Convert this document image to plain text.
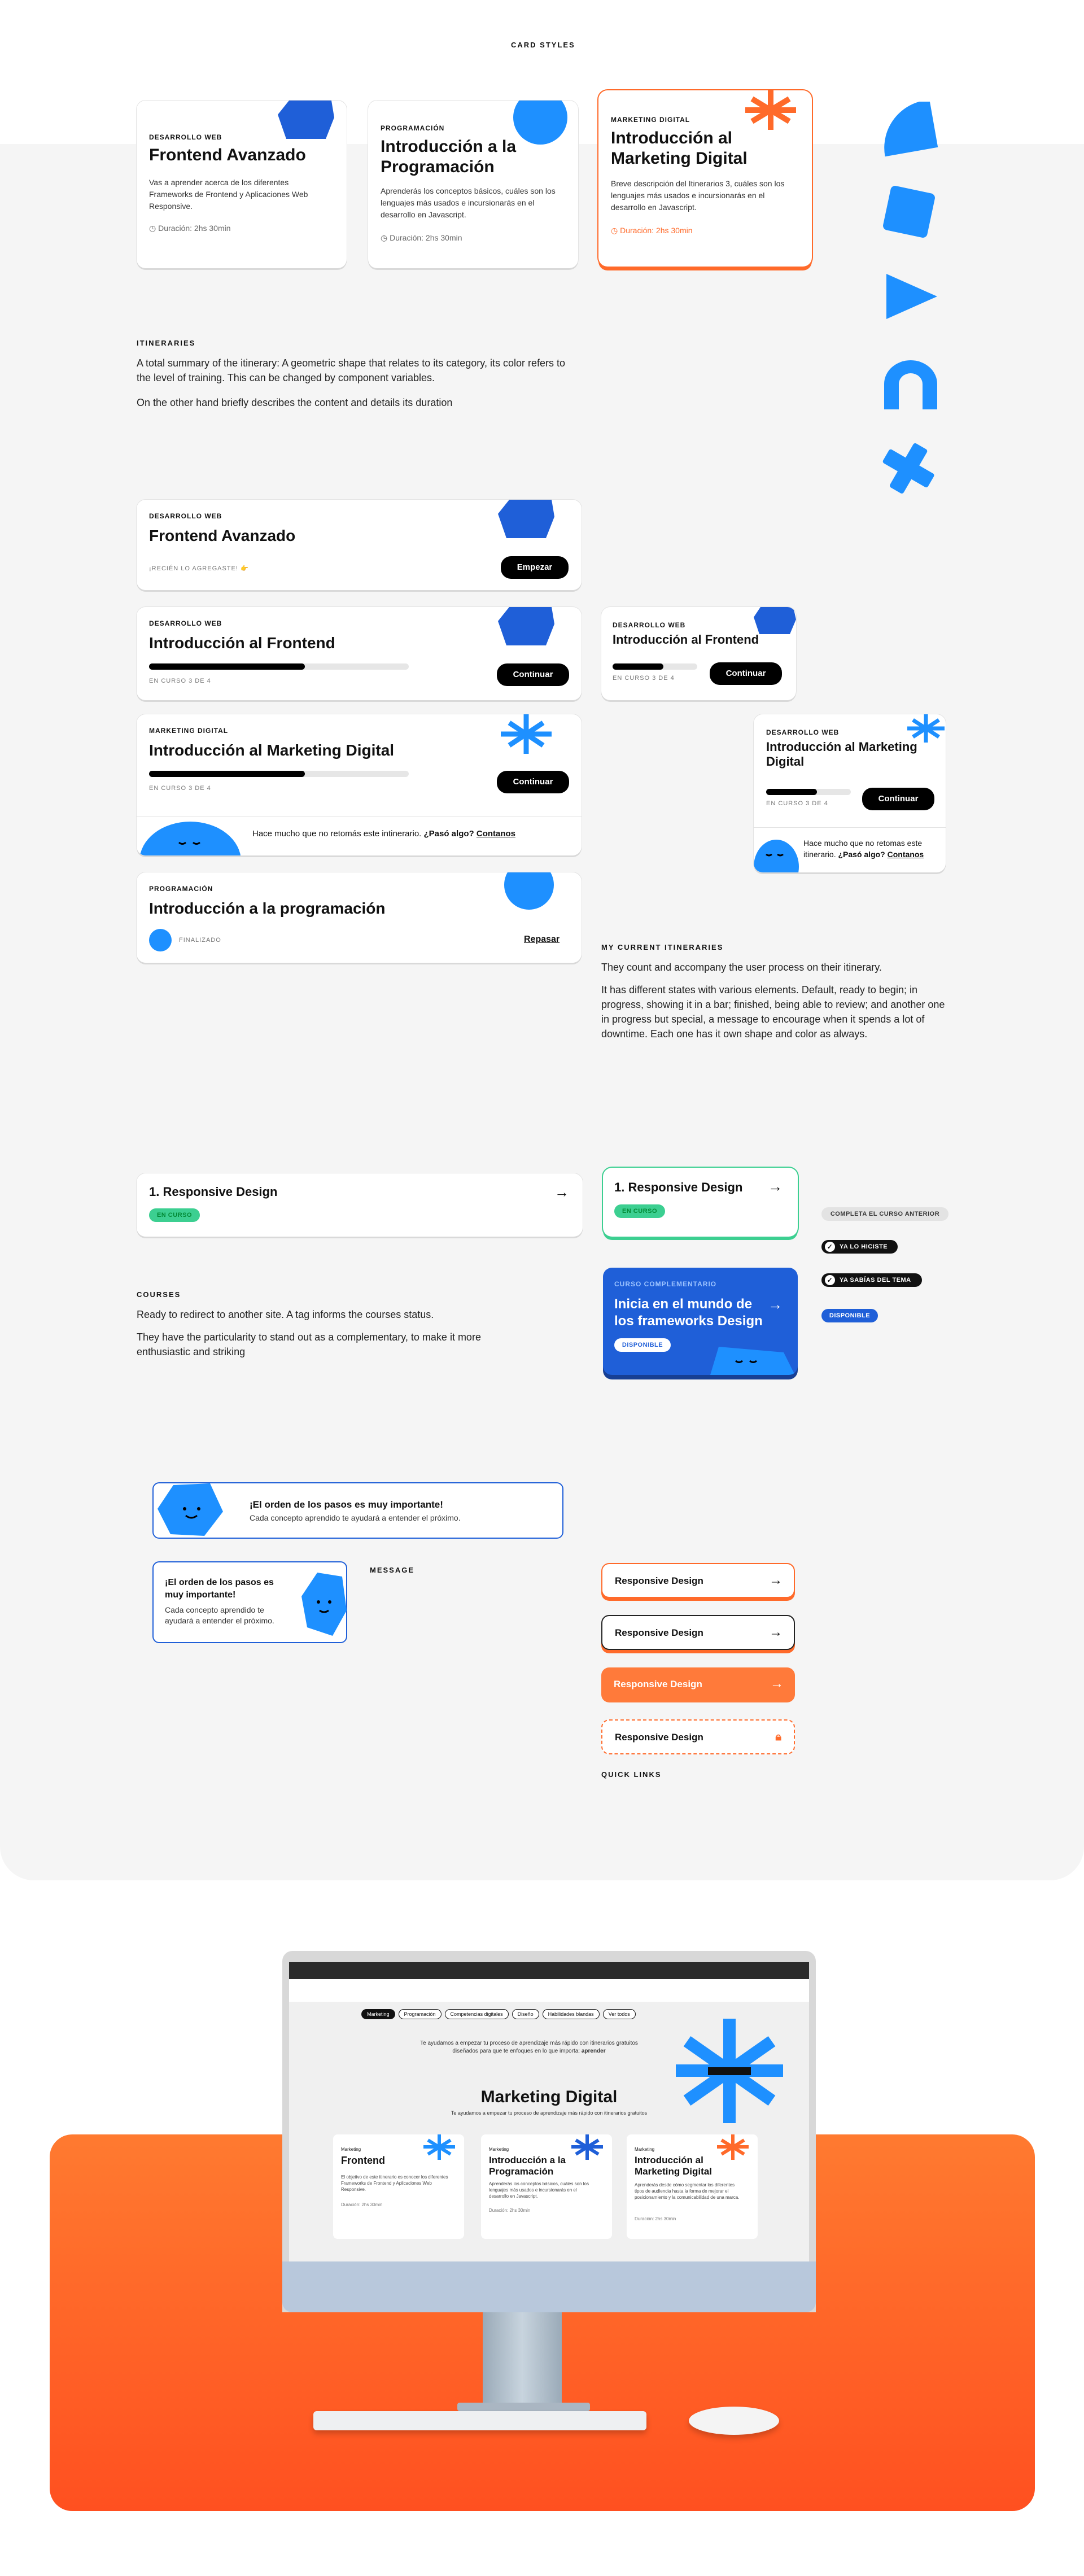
CARD STYLES
DESARROLLO WEB
Frontend Avanzado
Vas a aprender acerca de los diferentes Frameworks de Frontend y Aplicaciones Web Responsive.
◷ Duración: 2hs 30min
PROGRAMACIÓN
Introducción a la Programación
Aprenderás los conceptos básicos, cuáles son los lenguajes más usados e incursionarás en el desarrollo en Javascript.
◷ Duración: 2hs 30min
MARKETING DIGITAL
Introducción al Marketing Digital
Breve descripción del Itinerarios 3, cuáles son los lenguajes más usados e incursionarás en el desarrollo en Javascript.
◷ Duración: 2hs 30min
ITINERARIES
A total summary of the itinerary: A geometric shape that relates to its category, its color refers to the level of training. This can be changed by component variables.
On the other hand briefly describes the content and details its duration
DESARROLLO WEB
Frontend Avanzado
¡RECIÉN LO AGREGASTE! 👉	Empezar
DESARROLLO WEB
Introducción al Frontend
EN CURSO 3 DE 4
Continuar
MARKETING DIGITAL
Introducción al Marketing Digital
EN CURSO 3 DE 4
Continuar
Hace mucho que no retomás este intinerario. ¿Pasó algo? Contanos
PROGRAMACIÓN
Introducción a la programación
FINALIZADO	Repasar
DESARROLLO WEB
Introducción al Frontend
EN CURSO 3 DE 4	Continuar
DESARROLLO WEB
Introducción al Marketing Digital
EN CURSO 3 DE 4	Continuar
Hace mucho que no retomas este itinerario. ¿Pasó algo? Contanos
MY CURRENT ITINERARIES
They count and accompany the user process on their itinerary.
It has different states with various elements. Default, ready to begin; in progress, showing it in a bar; finished, being able to review; and another one in progress but special, a message to encourage when it spends a lot of downtime. Each one has it own shape and color as always.
1. Responsive Design
EN CURSO
→	1. Responsive Design
EN CURSO
→
CURSO COMPLEMENTARIO
Inicia en el mundo de los frameworks Design
DISPONIBLE
→
COMPLETA EL CURSO ANTERIOR
✓	YA LO HICISTE
✓	YA SABÍAS DEL TEMA
DISPONIBLE
COURSES
Ready to redirect to another site. A tag informs the courses status.
They have the particularity to stand out as a complementary, to make it more enthusiastic and striking
¡El orden de los pasos es muy importante!
Cada concepto aprendido te ayudará a entender el próximo.
¡El orden de los pasos es muy importante!
Cada concepto aprendido te ayudará a entender el próximo.
MESSAGE
Responsive Design	→
Responsive Design	→
Responsive Design	→
Responsive Design	🔒︎
QUICK LINKS
Marketing	Programación	Competencias digitales	Diseño	Habilidades blandas	Ver todos
Te ayudamos a empezar tu proceso de aprendizaje más rápido con itinerarios gratuitos diseñados para que te enfoques en lo que importa: aprender
Marketing Digital
Te ayudamos a empezar tu proceso de aprendizaje más rápido con itinerarios gratuitos
Marketing
Frontend
El objetivo de este itinerario es conocer los diferentes Frameworks de Frontend y Aplicaciones Web Responsive.
Duración: 2hs 30min
Marketing
Introducción a la Programación
Aprenderás los conceptos básicos, cuáles son los lenguajes más usados e incursionarás en el desarrollo en Javascript.
Duración: 2hs 30min
Marketing
Introducción al Marketing Digital
Aprenderás desde cómo segmentar los diferentes tipos de audiencia hasta la forma de mejorar el posicionamiento y la comunicabilidad de una marca.
Duración: 2hs 30min
